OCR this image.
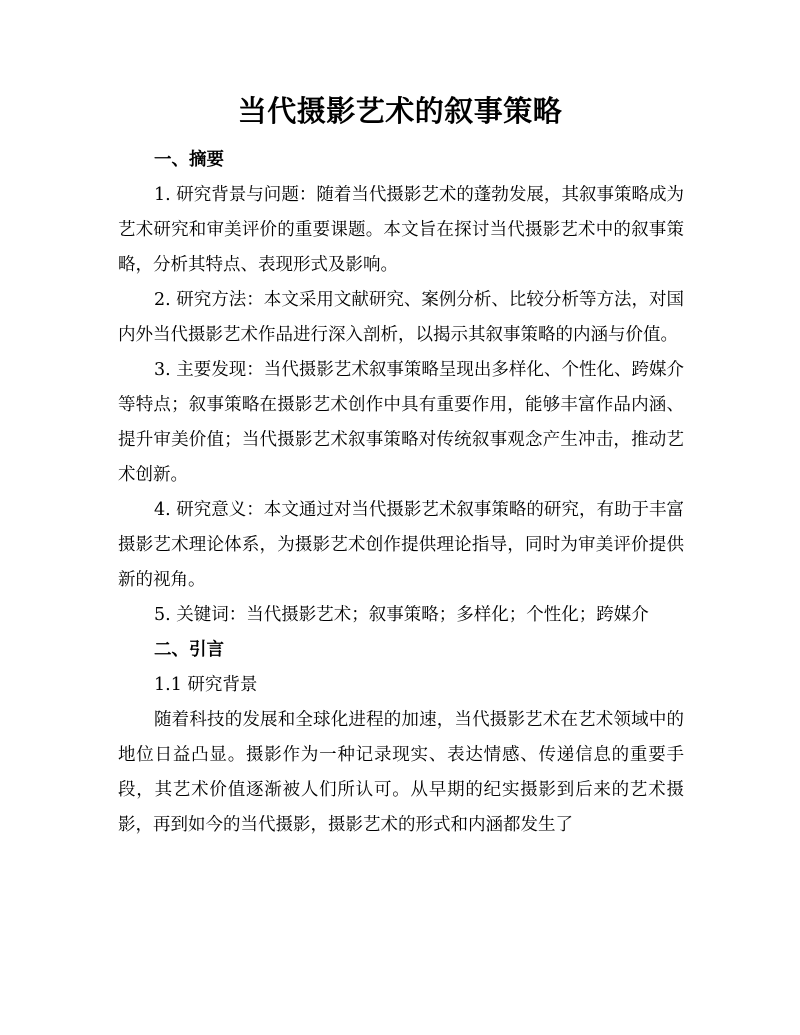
当代摄影艺术的叙事策略

一、摘要

1. 研究背景与问题：随着当代摄影艺术的蓬勃发展，其叙事策略成为艺术研究和审美评价的重要课题。本文旨在探讨当代摄影艺术中的叙事策略，分析其特点、表现形式及影响。

2. 研究方法：本文采用文献研究、案例分析、比较分析等方法，对国内外当代摄影艺术作品进行深入剖析，以揭示其叙事策略的内涵与价值。

3. 主要发现：当代摄影艺术叙事策略呈现出多样化、个性化、跨媒介等特点；叙事策略在摄影艺术创作中具有重要作用，能够丰富作品内涵、提升审美价值；当代摄影艺术叙事策略对传统叙事观念产生冲击，推动艺术创新。

4. 研究意义：本文通过对当代摄影艺术叙事策略的研究，有助于丰富摄影艺术理论体系，为摄影艺术创作提供理论指导，同时为审美评价提供新的视角。

5. 关键词：当代摄影艺术；叙事策略；多样化；个性化；跨媒介

二、引言

1.1 研究背景

随着科技的发展和全球化进程的加速，当代摄影艺术在艺术领域中的地位日益凸显。摄影作为一种记录现实、表达情感、传递信息的重要手段，其艺术价值逐渐被人们所认可。从早期的纪实摄影到后来的艺术摄影，再到如今的当代摄影，摄影艺术的形式和内涵都发生了
